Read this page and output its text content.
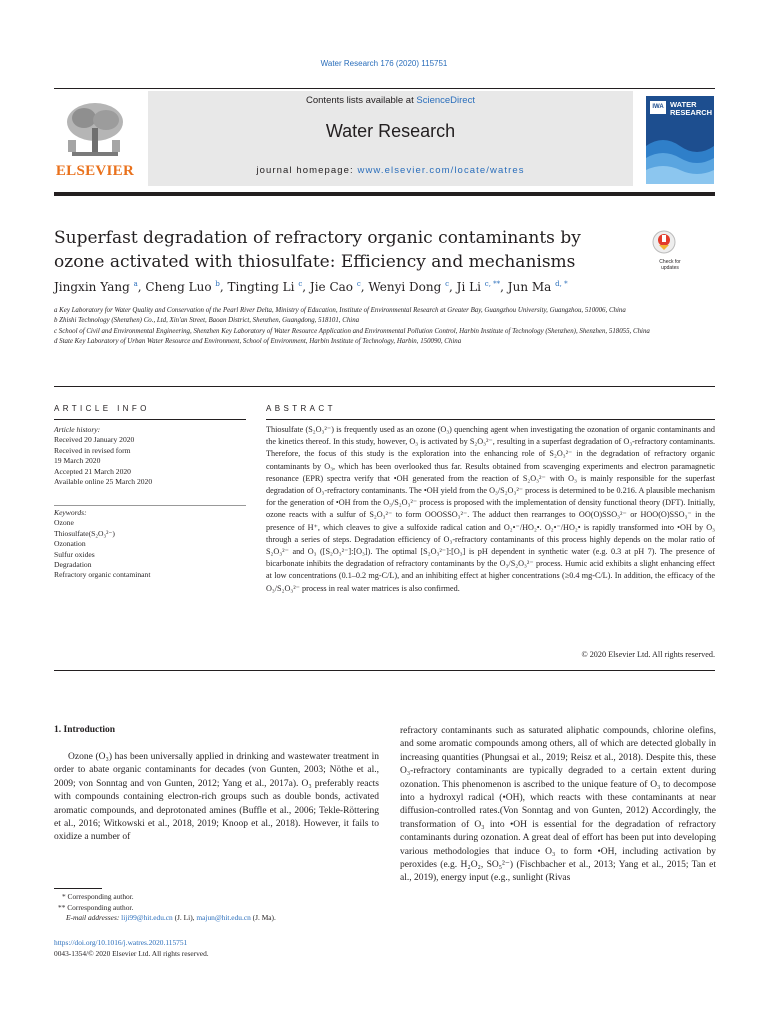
Water Research 176 (2020) 115751
ELSEVIER
Contents lists available at ScienceDirect
Water Research
journal homepage: www.elsevier.com/locate/watres
IWA WATER
RESEARCH
Superfast degradation of refractory organic contaminants by ozone activated with thiosulfate: Efficiency and mechanisms	Check for
updates
Jingxin Yang $^a$, Cheng Luo $^b$, Tingting Li $^c$, Jie Cao $^c$, Wenyi Dong $^c$, Ji Li $^{c, **}$, Jun Ma $^{d, *}$

a Key Laboratory for Water Quality and Conservation of the Pearl River Delta, Ministry of Education, Institute of Environmental Research at Greater Bay, Guangzhou University, Guangzhou, 510006, China

b Zhishi Technology (Shenzhen) Co., Ltd, Xin'an Street, Baoan District, Shenzhen, Guangdong, 518101, China

c School of Civil and Environmental Engineering, Shenzhen Key Laboratory of Water Resource Application and Environmental Pollution Control, Harbin Institute of Technology (Shenzhen), Shenzhen, 518055, China

d State Key Laboratory of Urban Water Resource and Environment, School of Environment, Harbin Institute of Technology, Harbin, 150090, China

ARTICLE INFO
Article history:
Received 20 January 2020
Received in revised form
19 March 2020
Accepted 21 March 2020
Available online 25 March 2020
Keywords:
Ozone
Thiosulfate(S₂O₃²⁻)
Ozonation
Sulfur oxides
Degradation
Refractory organic contaminant
ABSTRACT
Thiosulfate (S₂O₃²⁻) is frequently used as an ozone (O₃) quenching agent when investigating the ozonation of organic contaminants and the kinetics thereof. In this study, however, O₃ is activated by S₂O₃²⁻, resulting in a superfast degradation of O₃-refractory contaminants. Therefore, the focus of this study is the exploration into the enhancing role of S₂O₃²⁻ in the degradation of refractory organic contaminants by O₃, which has been overlooked thus far. Results obtained from scavenging experiments and electron paramagnetic resonance (EPR) spectra verify that •OH generated from the reaction of S₂O₃²⁻ with O₃ is mainly responsible for the superfast degradation of O₃-refractory contaminants. The •OH yield from the O₃/S₂O₃²⁻ process is determined to be 0.216. A plausible mechanism for the generation of •OH from the O₃/S₂O₃²⁻ process is proposed with the implementation of density functional theory (DFT). Initially, ozone reacts with a sulfur of S₂O₃²⁻ to form OOOSSO₃²⁻. The adduct then rearranges to OO(O)SSO₃²⁻ or HOO(O)SSO₃⁻ in the presence of H⁺, which cleaves to give a sulfoxide radical cation and O₂•⁻/HO₂•. O₂•⁻/HO₂• is rapidly transformed into •OH by O₃ through a series of steps. Degradation efficiency of O₃-refractory contaminants of this process highly depends on the molar ratio of S₂O₃²⁻ and O₃ ([S₂O₃²⁻]:[O₃]). The optimal [S₂O₃²⁻]:[O₃] is pH dependent in synthetic water (e.g. 0.3 at pH 7). The presence of bicarbonate inhibits the degradation of refractory contaminants by the O₃/S₂O₃²⁻ process. Humic acid exhibits a slight enhancing effect at low concentrations (0.1–0.2 mg-C/L), and an inhibiting effect at higher concentrations (≥0.4 mg-C/L). In addition, the efficacy of the O₃/S₂O₃²⁻ process in real water matrices is also confirmed.
© 2020 Elsevier Ltd. All rights reserved.
1. Introduction
Ozone (O₃) has been universally applied in drinking and wastewater treatment in order to abate organic contaminants for decades (von Gunten, 2003; Nöthe et al., 2009; von Sonntag and von Gunten, 2012; Yang et al., 2017a). O₃ preferably reacts with compounds containing electron-rich groups such as double bonds, activated aromatic compounds, and deprotonated amines (Buffle et al., 2006; Tekle-Röttering et al., 2016; Witkowski et al., 2018, 2019; Knoop et al., 2018). However, it fails to oxidize a number of
refractory contaminants such as saturated aliphatic compounds, chlorine olefins, and some aromatic compounds among others, all of which are detected globally in increasing quantities (Phungsai et al., 2019; Reisz et al., 2018). Despite this, these O₃-refractory contaminants are typically degraded to a certain extent during ozonation. This phenomenon is ascribed to the unique feature of O₃ to decompose into a hydroxyl radical (•OH), which reacts with these contaminants at near diffusion-controlled rates.(Von Sonntag and von Gunten, 2012) Accordingly, the transformation of O₃ into •OH is essential for the degradation of refractory contaminants during ozonation. A great deal of effort has been put into developing various methodologies that induce O₃ to form •OH, including activation by peroxides (e.g. H₂O₂, SO₅²⁻) (Fischbacher et al., 2013; Yang et al., 2015; Tan et al., 2019), energy input (e.g., sunlight (Rivas
* Corresponding author.
** Corresponding author.
E-mail addresses: liji99@hit.edu.cn (J. Li), majun@hit.edu.cn (J. Ma).
https://doi.org/10.1016/j.watres.2020.115751
0043-1354/© 2020 Elsevier Ltd. All rights reserved.
